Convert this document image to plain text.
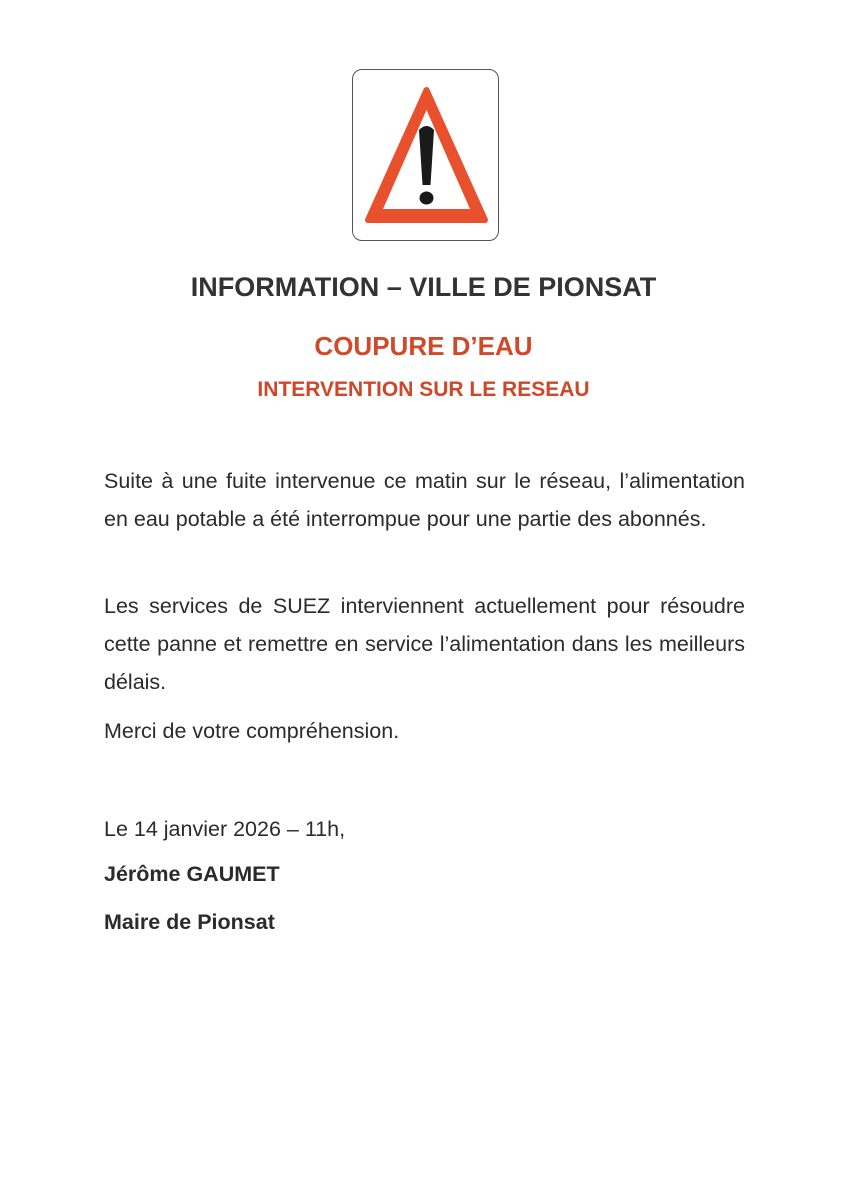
INFORMATION – VILLE DE PIONSAT
COUPURE D’EAU
INTERVENTION SUR LE RESEAU

Suite à une fuite intervenue ce matin sur le réseau, l’alimentation en eau potable a été interrompue pour une partie des abonnés.

Les services de SUEZ interviennent actuellement pour résoudre cette panne et remettre en service l’alimentation dans les meilleurs délais.

Merci de votre compréhension.

Le 14 janvier 2026 – 11h,

Jérôme GAUMET

Maire de Pionsat
